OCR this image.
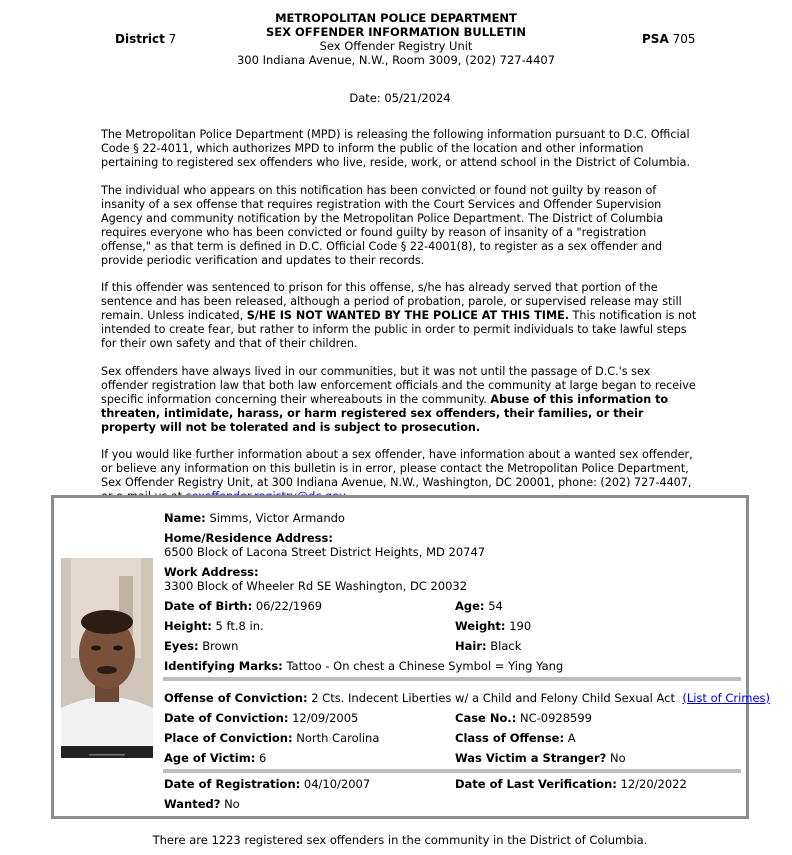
District 7
METROPOLITAN POLICE DEPARTMENT
SEX OFFENDER INFORMATION BULLETIN
Sex Offender Registry Unit
300 Indiana Avenue, N.W., Room 3009, (202) 727-4407
PSA 705
Date: 05/21/2024

The Metropolitan Police Department (MPD) is releasing the following information pursuant to D.C. Official Code § 22-4011, which authorizes MPD to inform the public of the location and other information pertaining to registered sex offenders who live, reside, work, or attend school in the District of Columbia.

The individual who appears on this notification has been convicted or found not guilty by reason of insanity of a sex offense that requires registration with the Court Services and Offender Supervision Agency and community notification by the Metropolitan Police Department. The District of Columbia requires everyone who has been convicted or found guilty by reason of insanity of a "registration offense," as that term is defined in D.C. Official Code § 22-4001(8), to register as a sex offender and provide periodic verification and updates to their records.

If this offender was sentenced to prison for this offense, s/he has already served that portion of the sentence and has been released, although a period of probation, parole, or supervised release may still remain. Unless indicated, S/HE IS NOT WANTED BY THE POLICE AT THIS TIME. This notification is not intended to create fear, but rather to inform the public in order to permit individuals to take lawful steps for their own safety and that of their children.

Sex offenders have always lived in our communities, but it was not until the passage of D.C.'s sex offender registration law that both law enforcement officials and the community at large began to receive specific information concerning their whereabouts in the community. Abuse of this information to threaten, intimidate, harass, or harm registered sex offenders, their families, or their property will not be tolerated and is subject to prosecution.

If you would like further information about a sex offender, have information about a wanted sex offender, or believe any information on this bulletin is in error, please contact the Metropolitan Police Department, Sex Offender Registry Unit, at 300 Indiana Avenue, N.W., Washington, DC 20001, phone: (202) 727-4407,

Name: Simms, Victor Armando
Home/Residence Address:
6500 Block of Lacona Street District Heights, MD 20747
Work Address:
3300 Block of Wheeler Rd SE Washington, DC 20032
Date of Birth: 06/22/1969	Age: 54
Height: 5 ft.8 in.	Weight: 190
Eyes: Brown	Hair: Black
Identifying Marks: Tattoo - On chest a Chinese Symbol = Ying Yang
Offense of Conviction: 2 Cts. Indecent Liberties w/ a Child and Felony Child Sexual Act (List of Crimes)
Date of Conviction: 12/09/2005	Case No.: NC-0928599
Place of Conviction: North Carolina	Class of Offense: A
Age of Victim: 6	Was Victim a Stranger? No
Date of Registration: 04/10/2007	Date of Last Verification: 12/20/2022
Wanted? No
There are 1223 registered sex offenders in the community in the District of Columbia.
